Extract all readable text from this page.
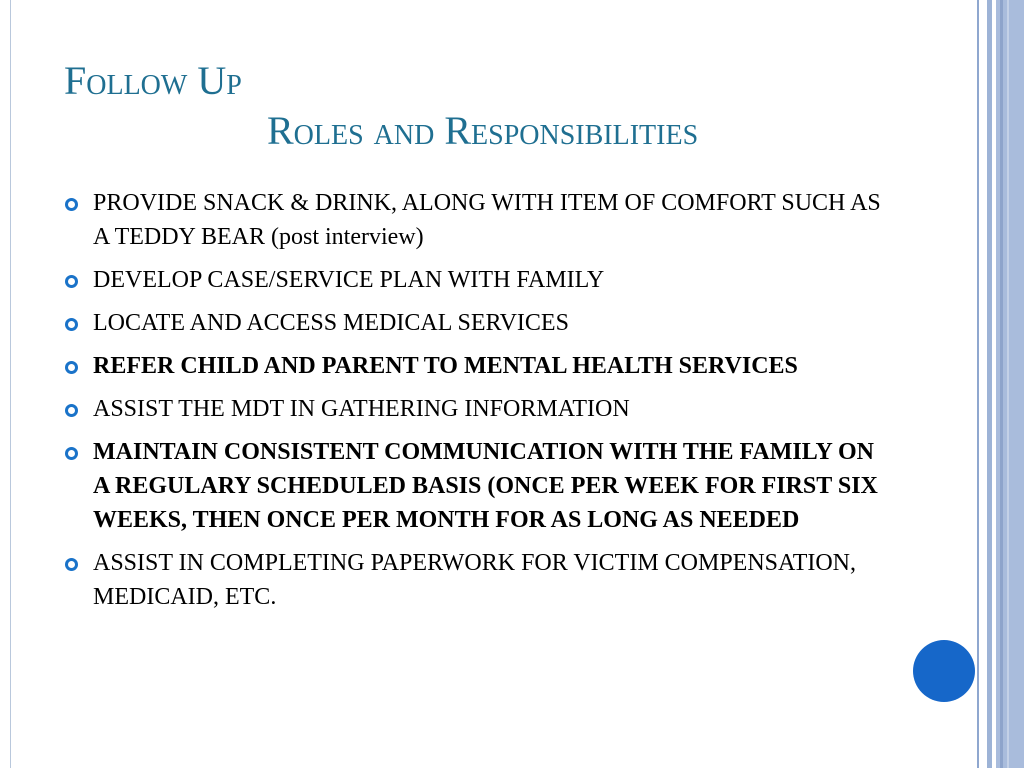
Follow Up
Roles and Responsibilities
PROVIDE SNACK & DRINK, ALONG WITH ITEM OF COMFORT SUCH AS A TEDDY BEAR (post interview)
DEVELOP CASE/SERVICE PLAN WITH FAMILY
LOCATE AND ACCESS MEDICAL SERVICES
REFER CHILD AND PARENT TO MENTAL HEALTH SERVICES
ASSIST THE MDT IN GATHERING INFORMATION
MAINTAIN CONSISTENT COMMUNICATION WITH THE FAMILY ON A REGULARY SCHEDULED BASIS (ONCE PER WEEK FOR FIRST SIX WEEKS, THEN ONCE PER MONTH FOR AS LONG AS NEEDED
ASSIST IN COMPLETING PAPERWORK FOR VICTIM COMPENSATION, MEDICAID, ETC.
